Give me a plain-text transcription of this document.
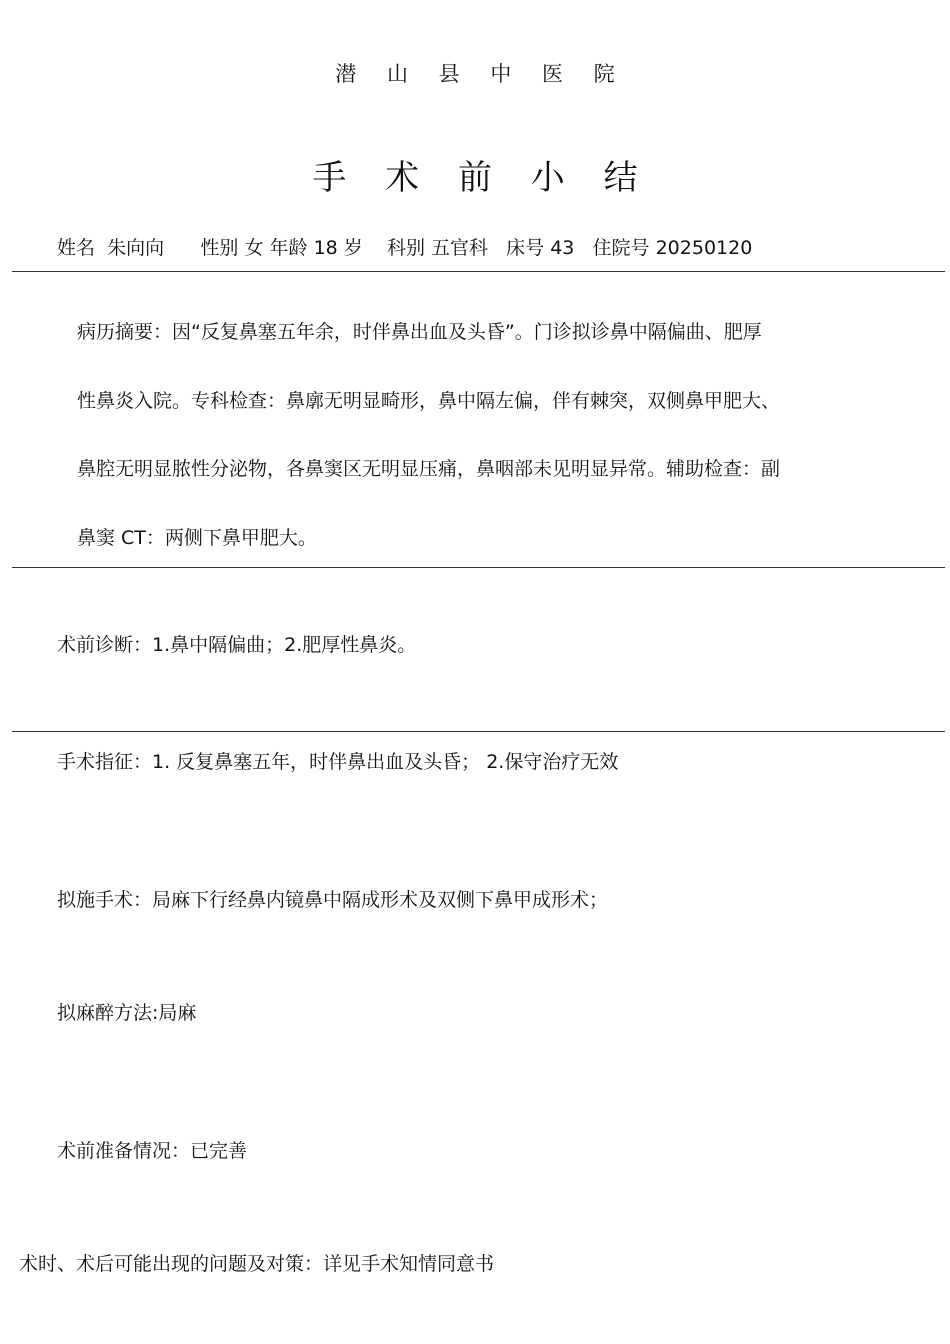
潜 山 县 中 医 院
手 术 前 小 结
姓名 朱向向 性别 女 年龄 18 岁 科别 五官科 床号 43 住院号 20250120
病历摘要：因“反复鼻塞五年余，时伴鼻出血及头昏”。门诊拟诊鼻中隔偏曲、肥厚
性鼻炎入院。专科检查：鼻廓无明显畸形，鼻中隔左偏，伴有棘突，双侧鼻甲肥大、
鼻腔无明显脓性分泌物，各鼻窦区无明显压痛，鼻咽部未见明显异常。辅助检查：副
鼻窦 CT：两侧下鼻甲肥大。
术前诊断：1.鼻中隔偏曲；2.肥厚性鼻炎。
手术指征：1. 反复鼻塞五年，时伴鼻出血及头昏； 2.保守治疗无效
拟施手术：局麻下行经鼻内镜鼻中隔成形术及双侧下鼻甲成形术；
拟麻醉方法:局麻
术前准备情况：已完善
术时、术后可能出现的问题及对策：详见手术知情同意书
